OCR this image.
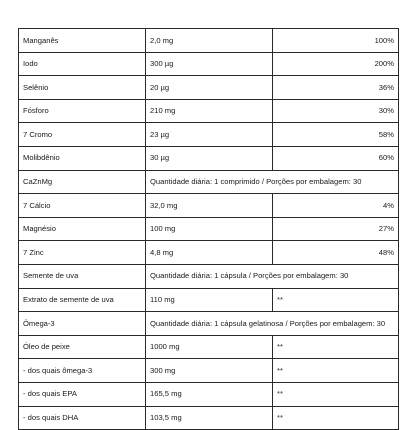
Manganês	2,0 mg	100%
Iodo	300 µg	200%
Selênio	20 µg	36%
Fósforo	210 mg	30%
7 Cromo	23 µg	58%
Molibdênio	30 µg	60%
CaZnMg	Quantidade diária: 1 comprimido / Porções por embalagem: 30	
7 Cálcio	32,0 mg	4%
Magnésio	100 mg	27%
7 Zinc	4,8 mg	48%
Semente de uva	Quantidade diária: 1 cápsula / Porções por embalagem: 30	
Extrato de semente de uva	110 mg	**
Ômega-3	Quantidade diária: 1 cápsula gelatinosa / Porções por embalagem: 30	
Óleo de peixe	1000 mg	**
- dos quais ômega-3	300 mg	**
- dos quais EPA	165,5 mg	**
- dos quais DHA	103,5 mg	**
